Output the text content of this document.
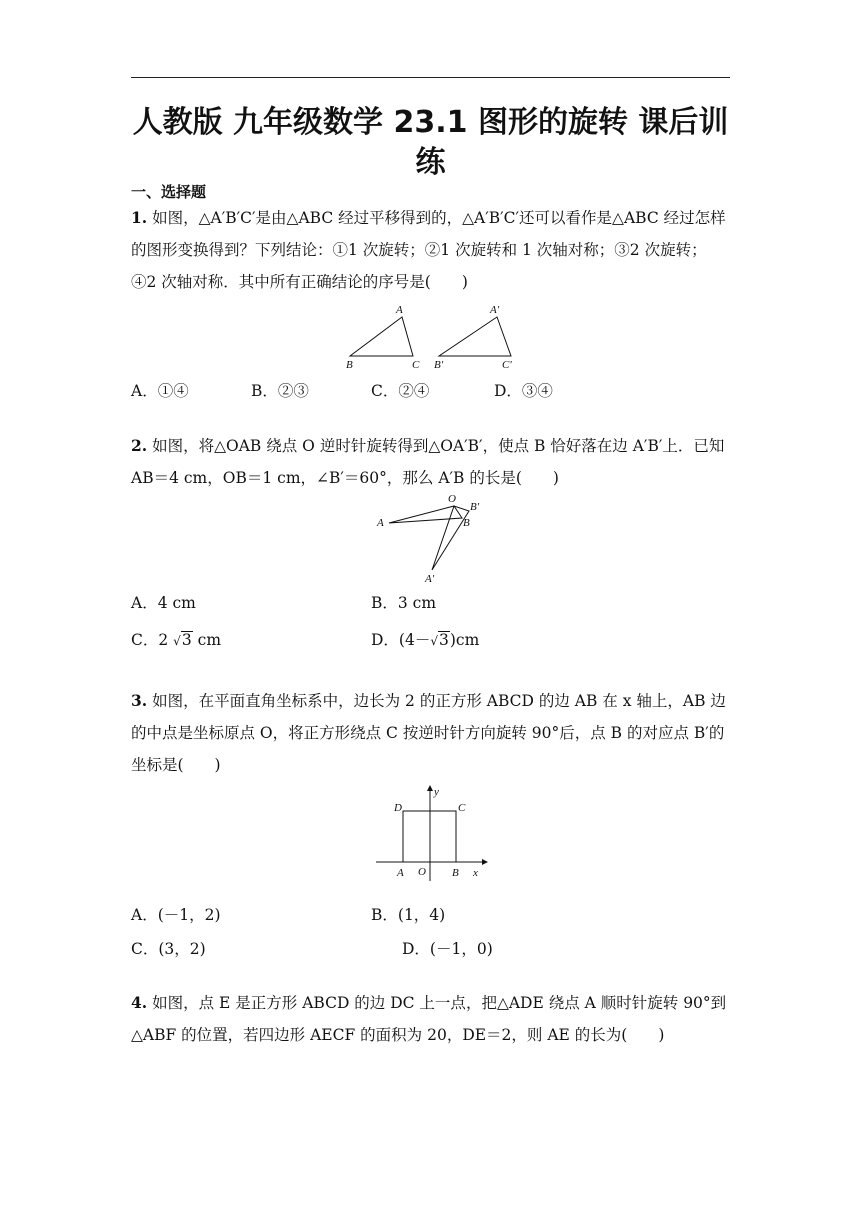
人教版 九年级数学 23.1 图形的旋转 课后训练
一、选择题
1. 如图，△A′B′C′是由△ABC 经过平移得到的，△A′B′C′还可以看作是△ABC 经过怎样的图形变换得到？下列结论：①1 次旋转；②1 次旋转和 1 次轴对称；③2 次旋转；④2 次轴对称．其中所有正确结论的序号是(　　)
A
B	C
A′
B′	C′
A．①④	B．②③	C．②④	D．③④
2. 如图，将△OAB 绕点 O 逆时针旋转得到△OA′B′，使点 B 恰好落在边 A′B′上．已知 AB＝4 cm，OB＝1 cm，∠B′＝60°，那么 A′B 的长是(　　)
O
B′
A	B
A′
A．4 cm	B．3 cm
C．2 √3 cm	D．(4－√3)cm
3. 如图，在平面直角坐标系中，边长为 2 的正方形 ABCD 的边 AB 在 x 轴上，AB 边的中点是坐标原点 O，将正方形绕点 C 按逆时针方向旋转 90°后，点 B 的对应点 B′的坐标是(　　)
y
D	C
A O B x
A．(－1，2)	B．(1，4)
C．(3，2)	D．(－1，0)
4. 如图，点 E 是正方形 ABCD 的边 DC 上一点，把△ADE 绕点 A 顺时针旋转 90°到△ABF 的位置，若四边形 AECF 的面积为 20，DE＝2，则 AE 的长为(　　)
